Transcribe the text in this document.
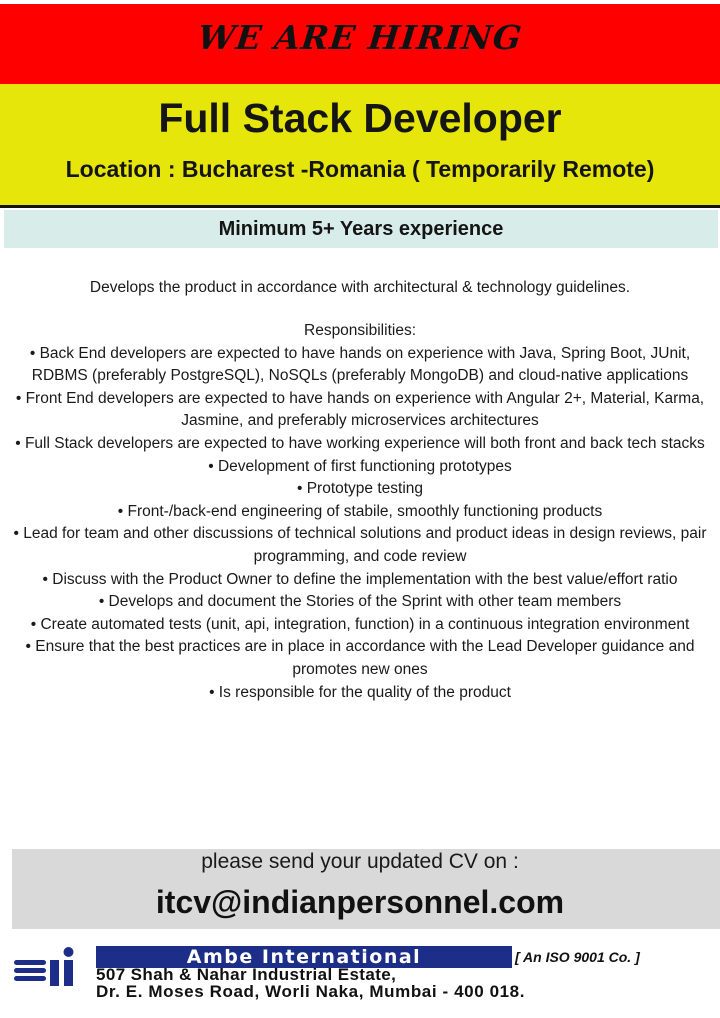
WE ARE HIRING
Full Stack Developer
Location : Bucharest -Romania ( Temporarily Remote)
Minimum 5+ Years experience
Develops the product in accordance with architectural & technology guidelines.
Responsibilities:
• Back End developers are expected to have hands on experience with Java, Spring Boot, JUnit, RDBMS (preferably PostgreSQL), NoSQLs (preferably MongoDB) and cloud-native applications
• Front End developers are expected to have hands on experience with Angular 2+, Material, Karma, Jasmine, and preferably microservices architectures
• Full Stack developers are expected to have working experience will both front and back tech stacks
• Development of first functioning prototypes
• Prototype testing
• Front-/back-end engineering of stabile, smoothly functioning products
• Lead for team and other discussions of technical solutions and product ideas in design reviews, pair programming, and code review
• Discuss with the Product Owner to define the implementation with the best value/effort ratio
• Develops and document the Stories of the Sprint with other team members
• Create automated tests (unit, api, integration, function) in a continuous integration environment
• Ensure that the best practices are in place in accordance with the Lead Developer guidance and promotes new ones
• Is responsible for the quality of the product
please send your updated CV on :
itcv@indianpersonnel.com
Ambe International	[ An ISO 9001 Co. ]
507 Shah & Nahar Industrial Estate,
Dr. E. Moses Road, Worli Naka, Mumbai - 400 018.
